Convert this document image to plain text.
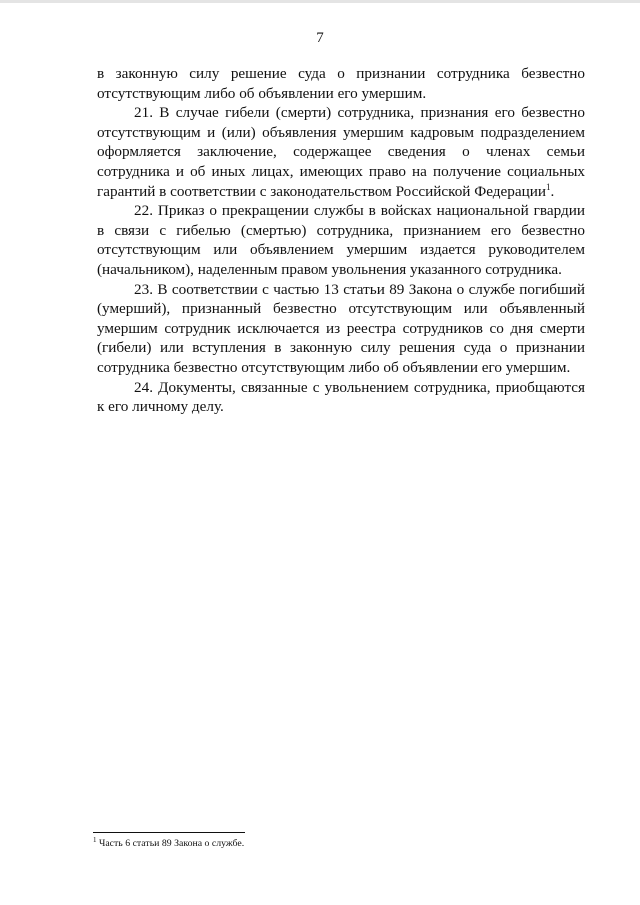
7

в законную силу решение суда о признании сотрудника безвестно отсутствующим либо об объявлении его умершим.

21. В случае гибели (смерти) сотрудника, признания его безвестно отсутствующим и (или) объявления умершим кадровым подразделением оформляется заключение, содержащее сведения о членах семьи сотрудника и об иных лицах, имеющих право на получение социальных гарантий в соответствии с законодательством Российской Федерации$^1$.

22. Приказ о прекращении службы в войсках национальной гвардии в связи с гибелью (смертью) сотрудника, признанием его безвестно отсутствующим или объявлением умершим издается руководителем (начальником), наделенным правом увольнения указанного сотрудника.

23. В соответствии с частью 13 статьи 89 Закона о службе погибший (умерший), признанный безвестно отсутствующим или объявленный умершим сотрудник исключается из реестра сотрудников со дня смерти (гибели) или вступления в законную силу решения суда о признании сотрудника безвестно отсутствующим либо об объявлении его умершим.

24. Документы, связанные с увольнением сотрудника, приобщаются к его личному делу.

$^1$ Часть 6 статьи 89 Закона о службе.
